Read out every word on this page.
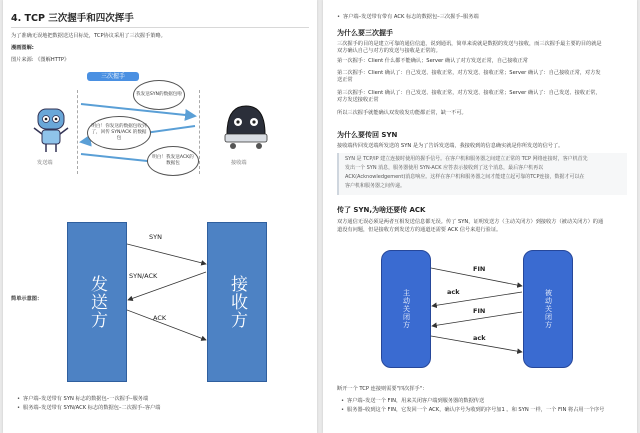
4. TCP 三次握手和四次挥手
为了准确无误地把数据送达目标处，TCP协议采用了三次握手策略。
漫画图解:
图片来源: 《图解HTTP》
三次握手
发送端
我发送SYN的数据包啦
明白！你发送的数据包收到了，回传 SYN/ACK 的数据包
明白！我发送ACK的数据包	接收端
简单示意图：	发送方	接收方
SYN
SYN/ACK
ACK
• 客户端–发送带有 SYN 标志的数据包–一次握手–服务端
• 服务端–发送带有 SYN/ACK 标志的数据包–二次握手–客户端
• 客户端–发送带有带有 ACK 标志的数据包–三次握手–服务端
为什么要三次握手
三次握手的目的是建立可靠的通信信道，说到通讯，简单来说就是数据的发送与接收，而三次握手最主要的目的就是
双方确认自己与对方的发送与接收是正常的。
第一次握手：Client 什么都不能确认；Server 确认了对方发送正常，自己接收正常
第二次握手：Client 确认了：自己发送、接收正常，对方发送、接收正常；Server 确认了：自己接收正常，对方发
送正常
第三次握手：Client 确认了：自己发送、接收正常，对方发送、接收正常；Server 确认了：自己发送、接收正常，
对方发送接收正常
所以三次握手就能确认双发收发功能都正常，缺一不可。
为什么要传回 SYN
接收端传回发送端所发送的 SYN 是为了告诉发送端，我接收到的信息确实就是你所发送的信号了。
SYN 是 TCP/IP 建立连接时使用的握手信号。在客户机和服务器之间建立正常的 TCP 网络连接时，客户机首先
发出一个 SYN 消息，服务器使用 SYN-ACK 应答表示接收到了这个消息，最后客户机再以
ACK(Acknowledgement)消息响应。这样在客户机和服务器之间才能建立起可靠的TCP连接，数据才可以在
客户机和服务器之间传递。
传了 SYN,为啥还要传 ACK
双方通信无误必须是两者互相发送信息都无误。传了 SYN，证明发送方（主动关闭方）到接收方（被动关闭方）的通
道没有问题，但是接收方到发送方的通道还需要 ACK 信号来进行验证。
主动关闭方	被动关闭方
FIN
ack
FIN
ack
断开一个 TCP 连接则需要"四次挥手"：
• 客户端–发送一个 FIN，用来关闭客户端到服务器的数据传送
• 服务器–收到这个 FIN，它发回一个 ACK，确认序号为收到的序号加1 。和 SYN 一样，一个 FIN 将占用一个序号
